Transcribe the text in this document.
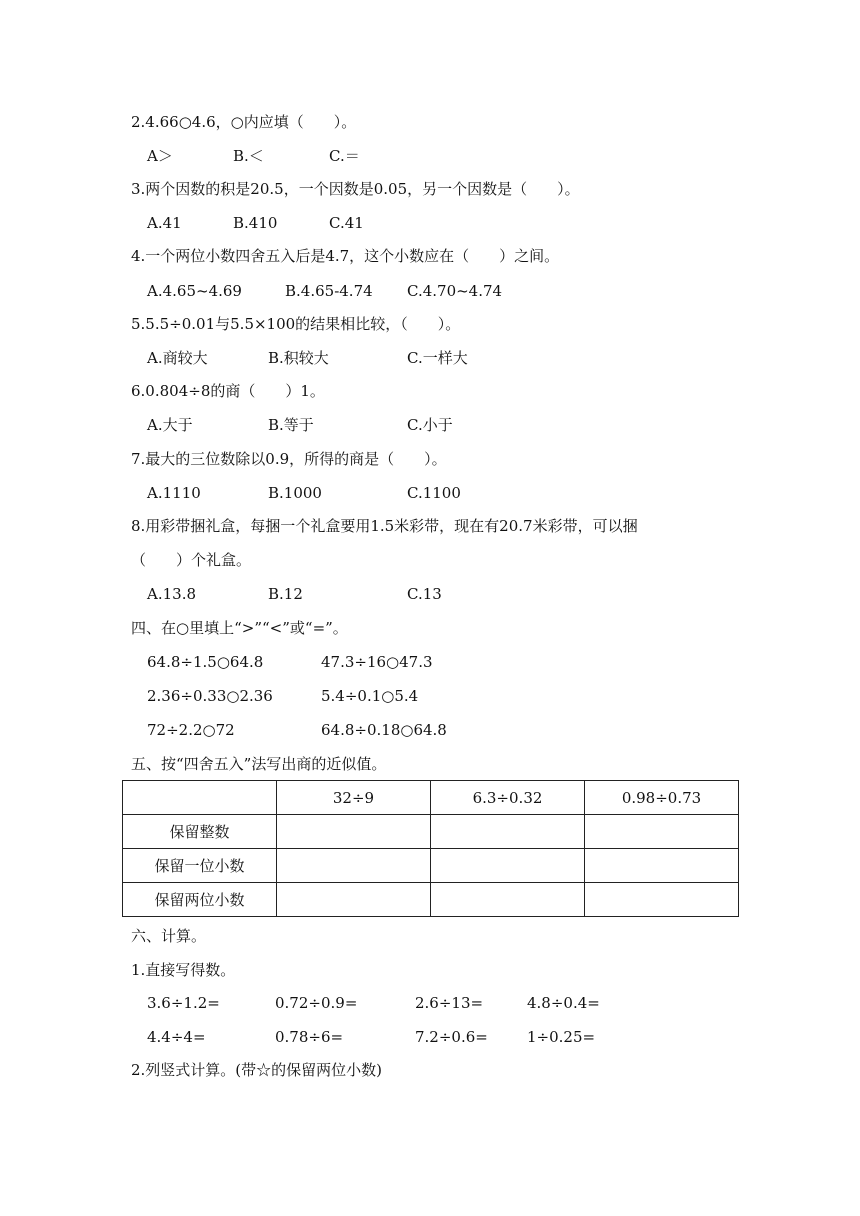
2.4.66○4.6，○内应填（　　）。
A＞	B.＜	C.＝
3.两个因数的积是20.5，一个因数是0.05，另一个因数是（　　）。
A.41	B.410	C.41
4.一个两位小数四舍五入后是4.7，这个小数应在（　　）之间。
A.4.65~4.69	B.4.65-4.74 C.4.70~4.74
5.5.5÷0.01与5.5×100的结果相比较，（　　）。
A.商较大	B.积较大	C.一样大
6.0.804÷8的商（　　）1。
A.大于	B.等于	C.小于
7.最大的三位数除以0.9，所得的商是（　　）。
A.1110	B.1000	C.1100
8.用彩带捆礼盒，每捆一个礼盒要用1.5米彩带，现在有20.7米彩带，可以捆
（　　）个礼盒。
A.13.8	B.12	C.13
四、在○里填上“>”“<”或“=”。
64.8÷1.5○64.8	47.3÷16○47.3
2.36÷0.33○2.36	5.4÷0.1○5.4
72÷2.2○72	64.8÷0.18○64.8
五、按“四舍五入”法写出商的近似值。
	32÷9	6.3÷0.32	0.98÷0.73
保留整数			
保留一位小数			
保留两位小数			
六、计算。
1.直接写得数。
3.6÷1.2=	0.72÷0.9=	2.6÷13=	4.8÷0.4=
4.4÷4=	0.78÷6=	7.2÷0.6=	1÷0.25=
2.列竖式计算。(带☆的保留两位小数)
